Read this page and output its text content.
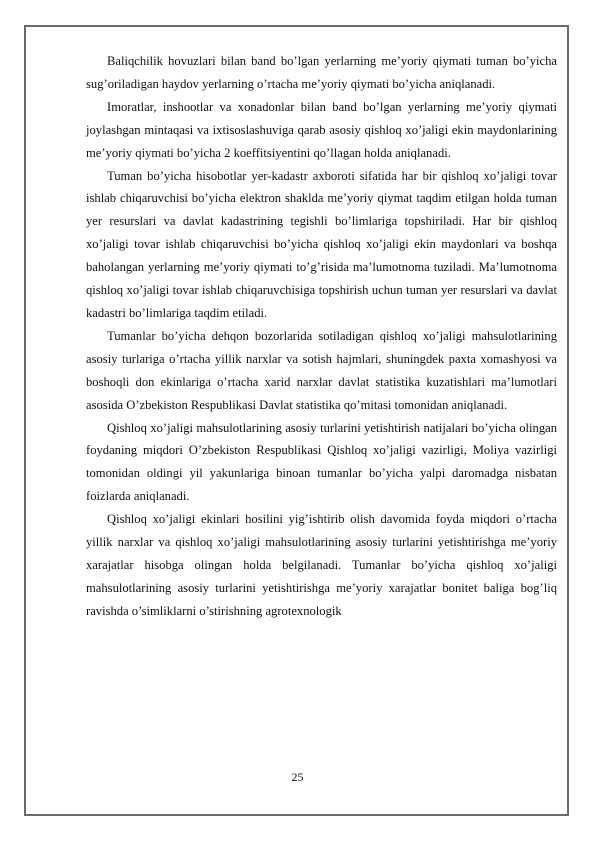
Baliqchilik hovuzlari bilan band bo’lgan yerlarning me’yoriy qiymati tuman bo’yicha sug’oriladigan haydov yerlarning o’rtacha me’yoriy qiymati bo’yicha aniqlanadi.

Imoratlar, inshootlar va xonadonlar bilan band bo’lgan yerlarning me’yoriy qiymati joylashgan mintaqasi va ixtisoslashuviga qarab asosiy qishloq xo’jaligi ekin maydonlarining me’yoriy qiymati bo’yicha 2 koeffitsiyentini qo’llagan holda aniqlanadi.

Tuman bo’yicha hisobotlar yer-kadastr axboroti sifatida har bir qishloq xo’jaligi tovar ishlab chiqaruvchisi bo’yicha elektron shaklda me’yoriy qiymat taqdim etilgan holda tuman yer resurslari va davlat kadastrining tegishli bo’limlariga topshiriladi. Har bir qishloq xo’jaligi tovar ishlab chiqaruvchisi bo’yicha qishloq xo’jaligi ekin maydonlari va boshqa baholangan yerlarning me’yoriy qiymati to’g’risida ma’lumotnoma tuziladi. Ma’lumotnoma qishloq xo’jaligi tovar ishlab chiqaruvchisiga topshirish uchun tuman yer resurslari va davlat kadastri bo’limlariga taqdim etiladi.

Tumanlar bo’yicha dehqon bozorlarida sotiladigan qishloq xo’jaligi mahsulotlarining asosiy turlariga o’rtacha yillik narxlar va sotish hajmlari, shuningdek paxta xomashyosi va boshoqli don ekinlariga o’rtacha xarid narxlar davlat statistika kuzatishlari ma’lumotlari asosida O’zbekiston Respublikasi Davlat statistika qo’mitasi tomonidan aniqlanadi.

Qishloq xo’jaligi mahsulotlarining asosiy turlarini yetishtirish natijalari bo’yicha olingan foydaning miqdori O’zbekiston Respublikasi Qishloq xo’jaligi vazirligi, Moliya vazirligi tomonidan oldingi yil yakunlariga binoan tumanlar bo’yicha yalpi daromadga nisbatan foizlarda aniqlanadi.

Qishloq xo’jaligi ekinlari hosilini yig’ishtirib olish davomida foyda miqdori o’rtacha yillik narxlar va qishloq xo’jaligi mahsulotlarining asosiy turlarini yetishtirishga me’yoriy xarajatlar hisobga olingan holda belgilanadi. Tumanlar bo’yicha qishloq xo’jaligi mahsulotlarining asosiy turlarini yetishtirishga me’yoriy xarajatlar bonitet baliga bog’liq ravishda o’simliklarni o’stirishning agrotexnologik

25
